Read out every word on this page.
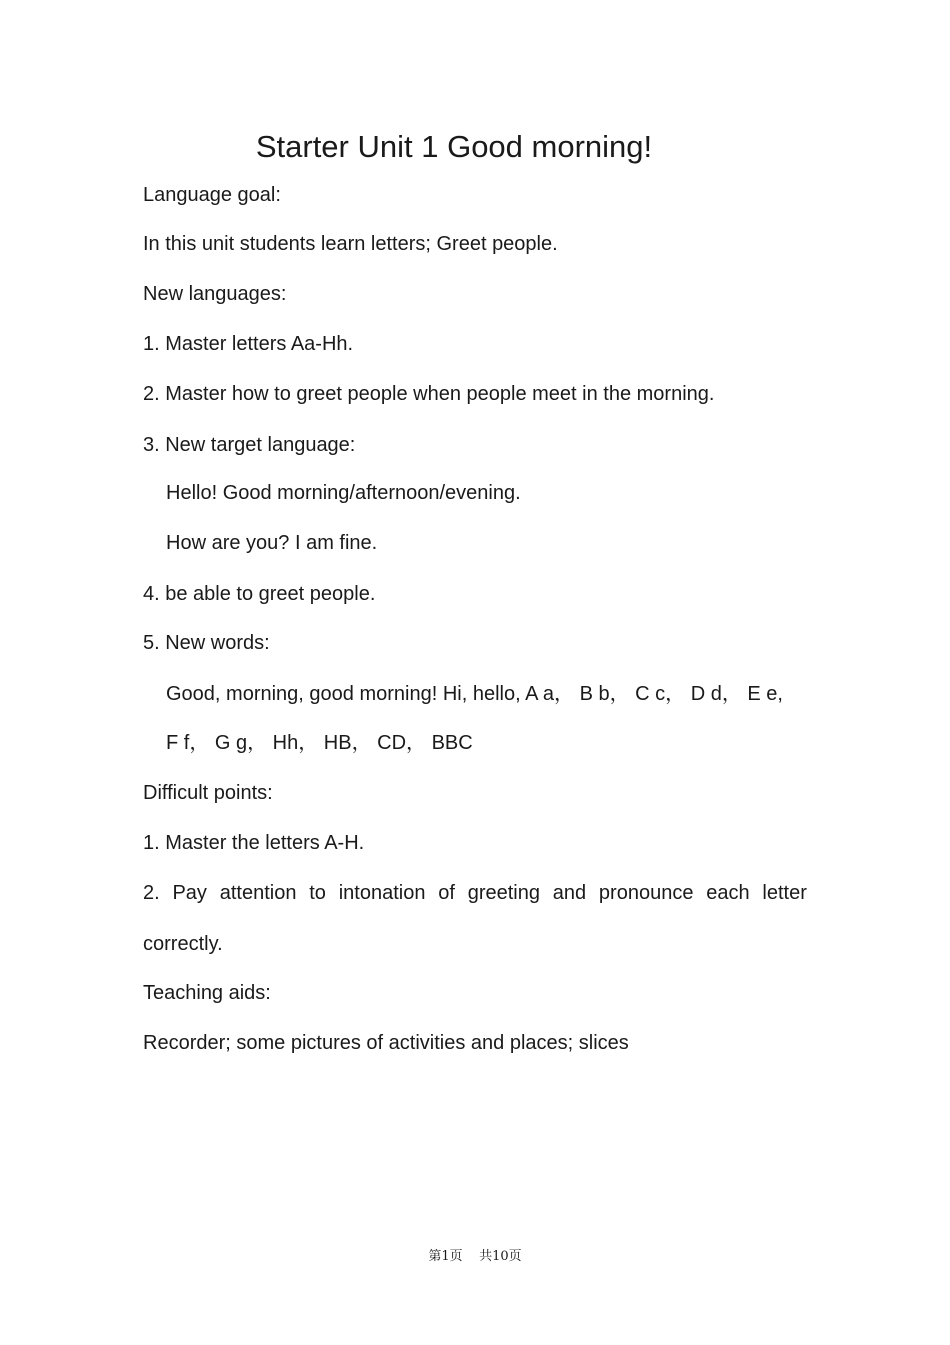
Starter Unit 1 Good morning!
Language goal:
In this unit students learn letters; Greet people.
New languages:
1. Master letters Aa-Hh.
2. Master how to greet people when people meet in the morning.
3. New target language:
Hello! Good morning/afternoon/evening.
How are you? I am fine.
4. be able to greet people.
5. New words:
Good, morning, good morning! Hi, hello, A a， B b， C c， D d， E e,
F f， G g， Hh， HB， CD， BBC
Difficult points:
1. Master the letters A-H.
2. Pay attention to intonation of greeting and pronounce each letter
correctly.
Teaching aids:
Recorder; some pictures of activities and places; slices
第1页    共10页
